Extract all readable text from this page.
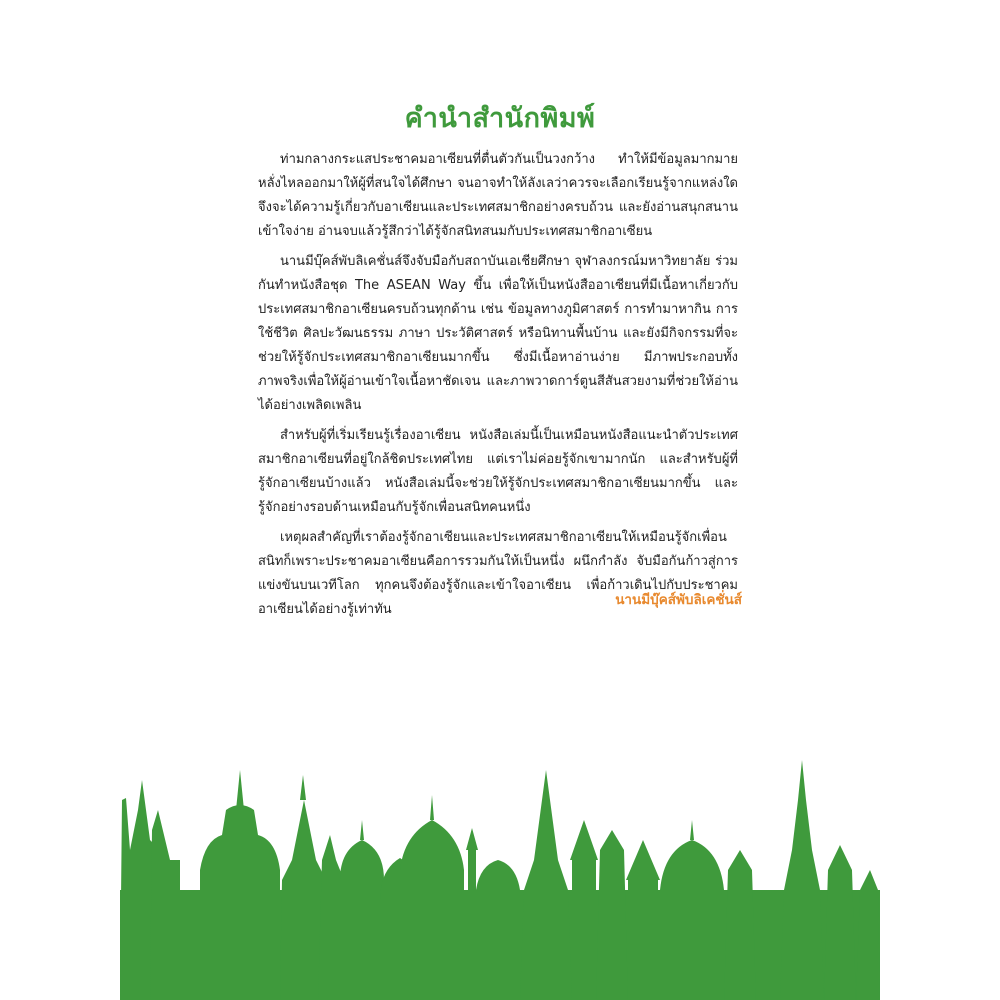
คำนำสำนักพิมพ์

ท่ามกลางกระแสประชาคมอาเซียนที่ตื่นตัวกันเป็นวงกว้าง ทำให้มีข้อมูลมากมายหลั่งไหลออกมาให้ผู้ที่สนใจได้ศึกษา จนอาจทำให้ลังเลว่าควรจะเลือกเรียนรู้จากแหล่งใด จึงจะได้ความรู้เกี่ยวกับอาเซียนและประเทศสมาชิกอย่างครบถ้วน และยังอ่านสนุกสนาน เข้าใจง่าย อ่านจบแล้วรู้สึกว่าได้รู้จักสนิทสนมกับประเทศสมาชิกอาเซียน

นานมีบุ๊คส์พับลิเคชั่นส์จึงจับมือกับสถาบันเอเชียศึกษา จุฬาลงกรณ์มหาวิทยาลัย ร่วมกันทำหนังสือชุด The ASEAN Way ขึ้น เพื่อให้เป็นหนังสืออาเซียนที่มีเนื้อหาเกี่ยวกับประเทศสมาชิกอาเซียนครบถ้วนทุกด้าน เช่น ข้อมูลทางภูมิศาสตร์ การทำมาหากิน การใช้ชีวิต ศิลปะวัฒนธรรม ภาษา ประวัติศาสตร์ หรือนิทานพื้นบ้าน และยังมีกิจกรรมที่จะช่วยให้รู้จักประเทศสมาชิกอาเซียนมากขึ้น ซึ่งมีเนื้อหาอ่านง่าย มีภาพประกอบทั้งภาพจริงเพื่อให้ผู้อ่านเข้าใจเนื้อหาชัดเจน และภาพวาดการ์ตูนสีสันสวยงามที่ช่วยให้อ่านได้อย่างเพลิดเพลิน

สำหรับผู้ที่เริ่มเรียนรู้เรื่องอาเซียน หนังสือเล่มนี้เป็นเหมือนหนังสือแนะนำตัวประเทศสมาชิกอาเซียนที่อยู่ใกล้ชิดประเทศไทย แต่เราไม่ค่อยรู้จักเขามากนัก และสำหรับผู้ที่รู้จักอาเซียนบ้างแล้ว หนังสือเล่มนี้จะช่วยให้รู้จักประเทศสมาชิกอาเซียนมากขึ้น และรู้จักอย่างรอบด้านเหมือนกับรู้จักเพื่อนสนิทคนหนึ่ง

เหตุผลสำคัญที่เราต้องรู้จักอาเซียนและประเทศสมาชิกอาเซียนให้เหมือนรู้จักเพื่อนสนิทก็เพราะประชาคมอาเซียนคือการรวมกันให้เป็นหนึ่ง ผนึกกำลัง จับมือกันก้าวสู่การแข่งขันบนเวทีโลก ทุกคนจึงต้องรู้จักและเข้าใจอาเซียน เพื่อก้าวเดินไปกับประชาคมอาเซียนได้อย่างรู้เท่าทัน

นานมีบุ๊คส์พับลิเคชั่นส์
